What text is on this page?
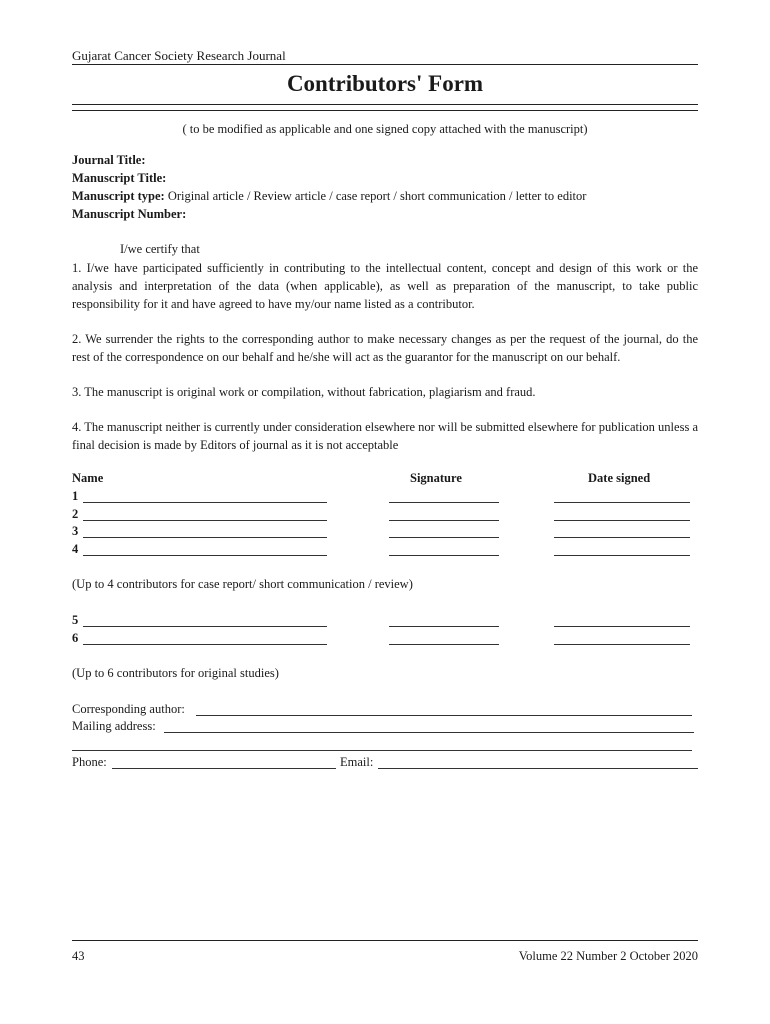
Gujarat Cancer Society Research Journal
Contributors' Form
( to be modified as applicable and one signed copy attached with the manuscript)
Journal Title:
Manuscript Title:
Manuscript type: Original article / Review article / case report / short communication / letter to editor
Manuscript Number:
I/we certify that
1. I/we have participated sufficiently in contributing to the intellectual content, concept and design of this work or the analysis and interpretation of the data (when applicable), as well as preparation of the manuscript, to take public responsibility for it and have agreed to have my/our name listed as a contributor.
2. We surrender the rights to the corresponding author to make necessary changes as per the request of the journal, do the rest of the correspondence on our behalf and he/she will act as the guarantor for the manuscript on our behalf.
3. The manuscript is original work or compilation, without fabrication, plagiarism and fraud.
4. The manuscript neither is currently under consideration elsewhere nor will be submitted elsewhere for publication unless a final decision is made by Editors of journal as it is not acceptable
Name	Signature	Date signed
1
2
3
4
(Up to 4 contributors for case report/ short communication / review)
5
6
(Up to 6 contributors for original studies)
Corresponding author:
Mailing address:
Phone:	Email:
43	Volume 22 Number 2 October 2020
